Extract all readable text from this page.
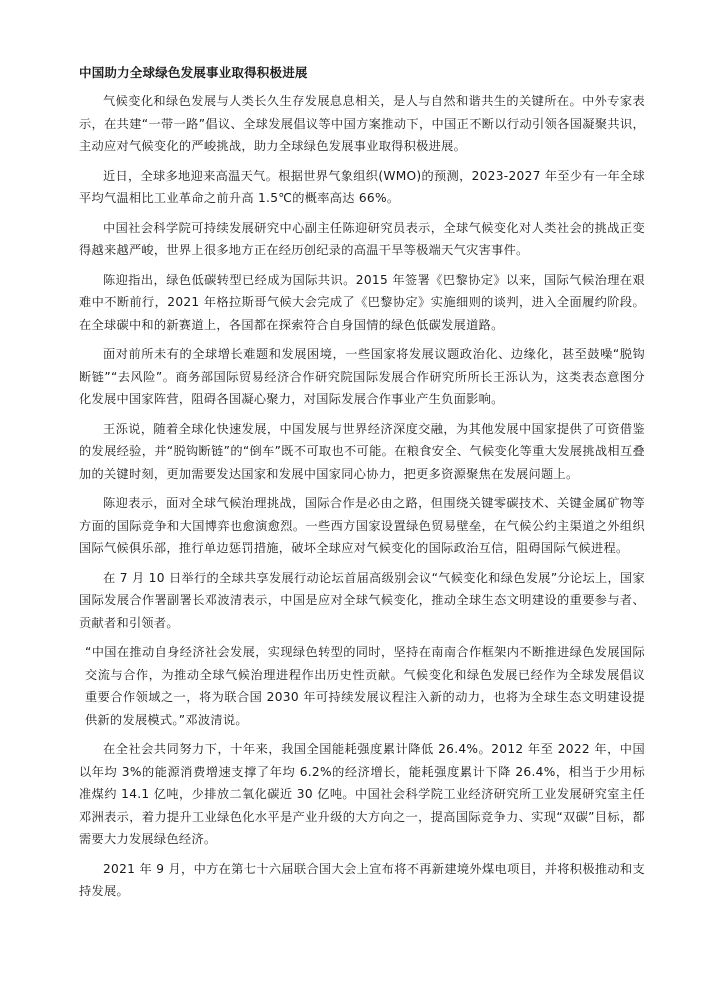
中国助力全球绿色发展事业取得积极进展

气候变化和绿色发展与人类长久生存发展息息相关，是人与自然和谐共生的关键所在。中外专家表示，在共建“一带一路”倡议、全球发展倡议等中国方案推动下，中国正不断以行动引领各国凝聚共识，主动应对气候变化的严峻挑战，助力全球绿色发展事业取得积极进展。

近日，全球多地迎来高温天气。根据世界气象组织(WMO)的预测，2023-2027 年至少有一年全球平均气温相比工业革命之前升高 1.5℃的概率高达 66%。

中国社会科学院可持续发展研究中心副主任陈迎研究员表示，全球气候变化对人类社会的挑战正变得越来越严峻，世界上很多地方正在经历创纪录的高温干旱等极端天气灾害事件。

陈迎指出，绿色低碳转型已经成为国际共识。2015 年签署《巴黎协定》以来，国际气候治理在艰难中不断前行，2021 年格拉斯哥气候大会完成了《巴黎协定》实施细则的谈判，进入全面履约阶段。在全球碳中和的新赛道上，各国都在探索符合自身国情的绿色低碳发展道路。

面对前所未有的全球增长难题和发展困境，一些国家将发展议题政治化、边缘化，甚至鼓噪“脱钩断链”“去风险”。商务部国际贸易经济合作研究院国际发展合作研究所所长王泺认为，这类表态意图分化发展中国家阵营，阻碍各国凝心聚力，对国际发展合作事业产生负面影响。

王泺说，随着全球化快速发展，中国发展与世界经济深度交融，为其他发展中国家提供了可资借鉴的发展经验，并“脱钩断链”的“倒车”既不可取也不可能。在粮食安全、气候变化等重大发展挑战相互叠加的关键时刻，更加需要发达国家和发展中国家同心协力，把更多资源聚焦在发展问题上。

陈迎表示，面对全球气候治理挑战，国际合作是必由之路，但围绕关键零碳技术、关键金属矿物等方面的国际竞争和大国博弈也愈演愈烈。一些西方国家设置绿色贸易壁垒，在气候公约主渠道之外组织国际气候俱乐部，推行单边惩罚措施，破坏全球应对气候变化的国际政治互信，阻碍国际气候进程。

在 7 月 10 日举行的全球共享发展行动论坛首届高级别会议“气候变化和绿色发展”分论坛上，国家国际发展合作署副署长邓波清表示，中国是应对全球气候变化，推动全球生态文明建设的重要参与者、贡献者和引领者。

“中国在推动自身经济社会发展，实现绿色转型的同时，坚持在南南合作框架内不断推进绿色发展国际交流与合作，为推动全球气候治理进程作出历史性贡献。气候变化和绿色发展已经作为全球发展倡议重要合作领域之一，将为联合国 2030 年可持续发展议程注入新的动力，也将为全球生态文明建设提供新的发展模式。”邓波清说。

在全社会共同努力下，十年来，我国全国能耗强度累计降低 26.4%。2012 年至 2022 年，中国以年均 3%的能源消费增速支撑了年均 6.2%的经济增长，能耗强度累计下降 26.4%，相当于少用标准煤约 14.1 亿吨，少排放二氧化碳近 30 亿吨。中国社会科学院工业经济研究所工业发展研究室主任邓洲表示，着力提升工业绿色化水平是产业升级的大方向之一，提高国际竞争力、实现“双碳”目标，都需要大力发展绿色经济。

2021 年 9 月，中方在第七十六届联合国大会上宣布将不再新建境外煤电项目，并将积极推动和支持发展。
